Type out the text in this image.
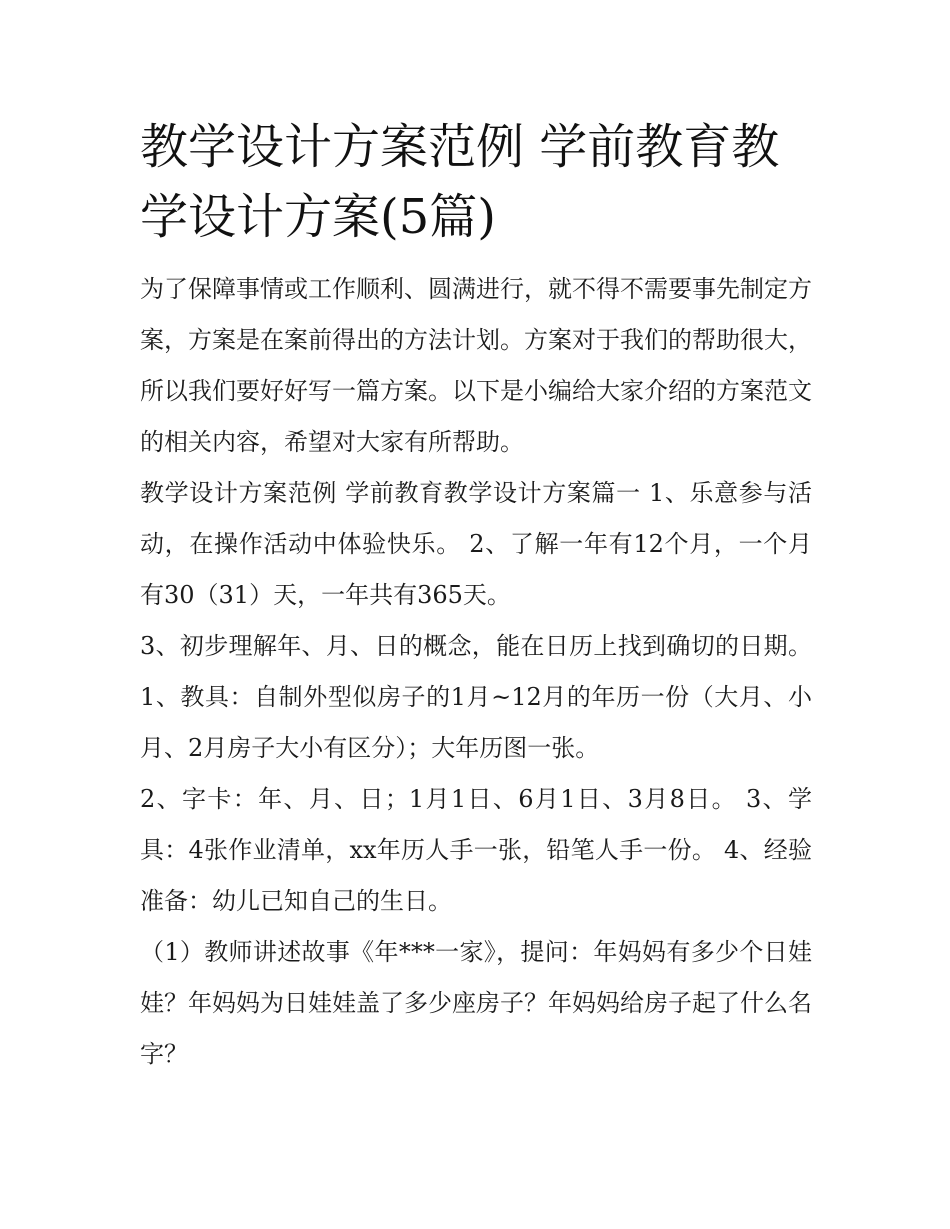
教学设计方案范例 学前教育教学设计方案(5篇)

为了保障事情或工作顺利、圆满进行，就不得不需要事先制定方案，方案是在案前得出的方法计划。方案对于我们的帮助很大，所以我们要好好写一篇方案。以下是小编给大家介绍的方案范文的相关内容，希望对大家有所帮助。

教学设计方案范例 学前教育教学设计方案篇一 1、乐意参与活动，在操作活动中体验快乐。 2、了解一年有12个月，一个月有30（31）天，一年共有365天。

3、初步理解年、月、日的概念，能在日历上找到确切的日期。 1、教具：自制外型似房子的1月~12月的年历一份（大月、小月、2月房子大小有区分）；大年历图一张。

2、字卡：年、月、日；1月1日、6月1日、3月8日。 3、学具：4张作业清单，xx年历人手一张，铅笔人手一份。 4、经验准备：幼儿已知自己的生日。

（1）教师讲述故事《年***一家》，提问：年妈妈有多少个日娃娃？年妈妈为日娃娃盖了多少座房子？年妈妈给房子起了什么名字？
